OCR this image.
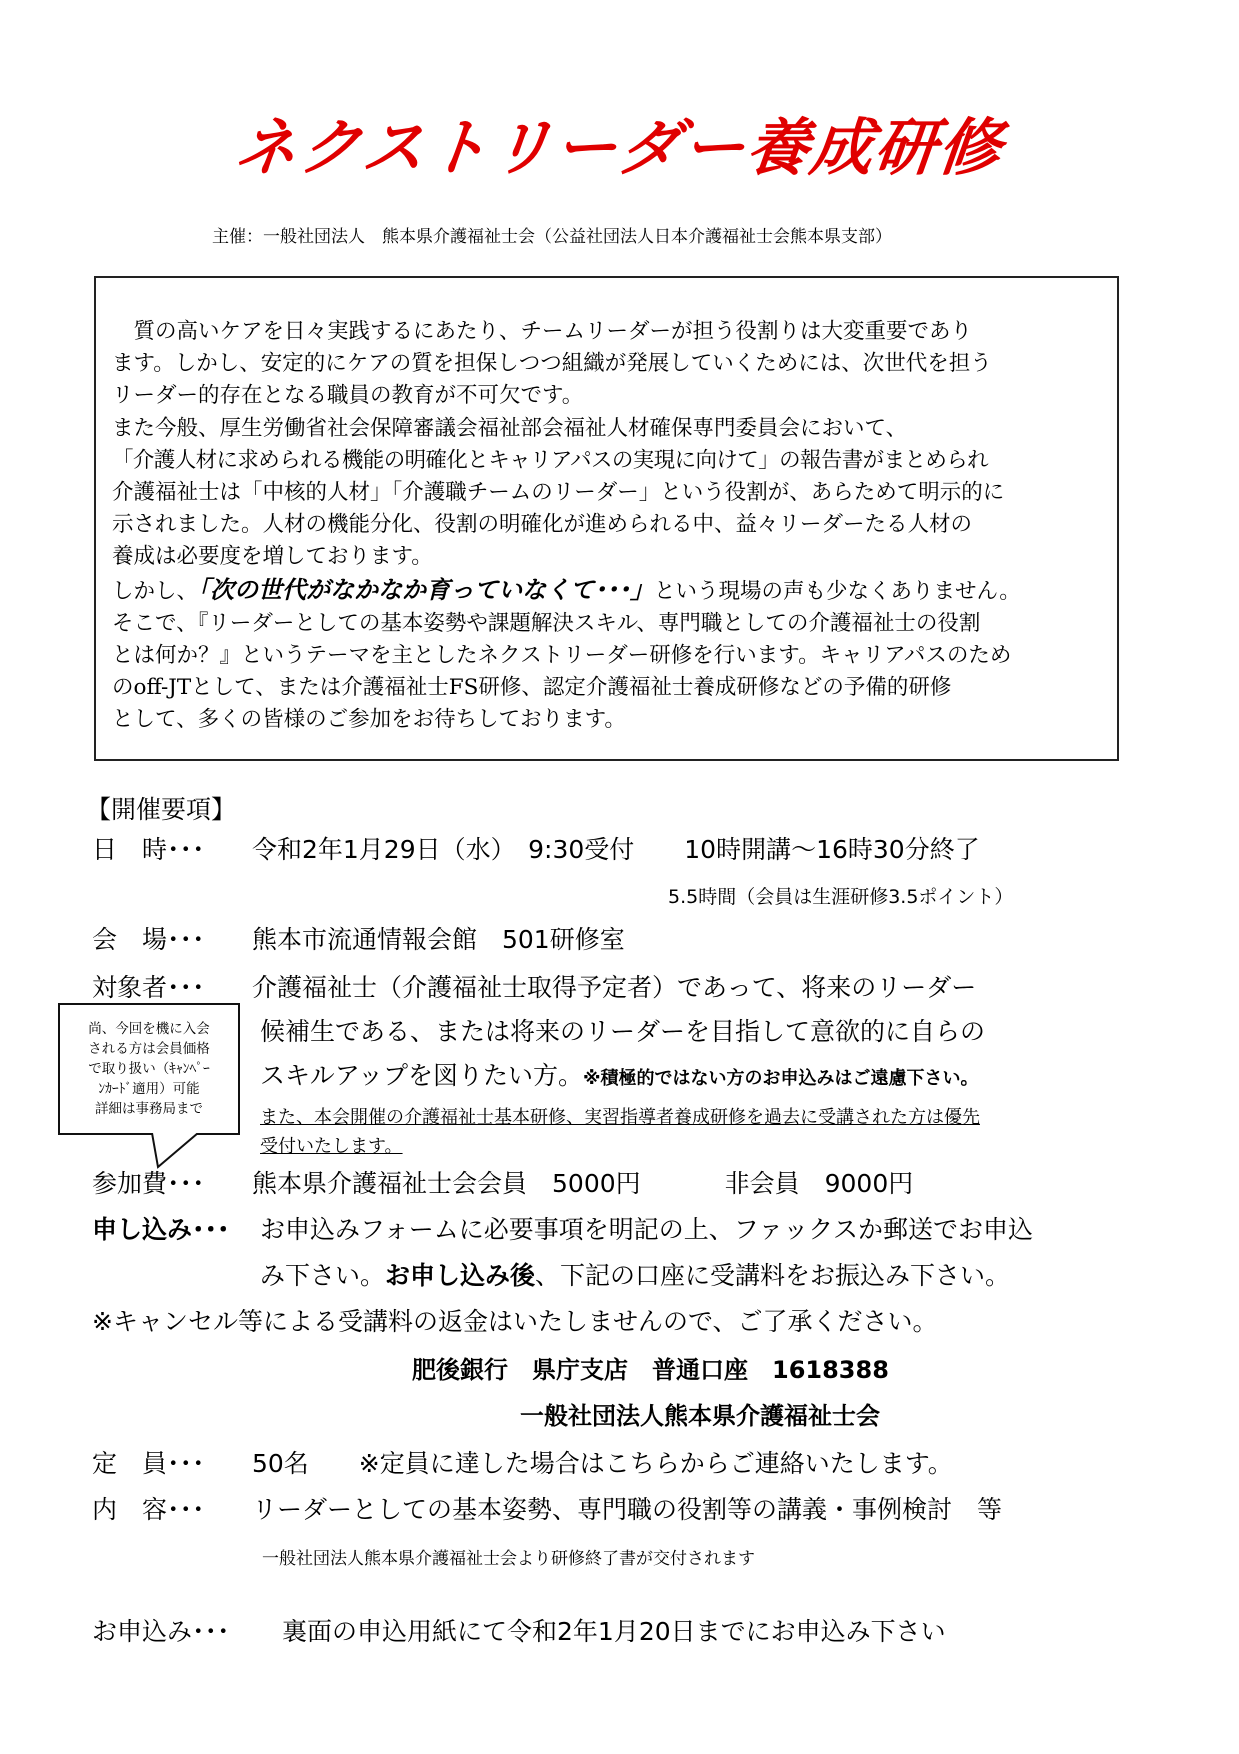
ネクストリーダー養成研修
主催：一般社団法人　熊本県介護福祉士会（公益社団法人日本介護福祉士会熊本県支部）

　質の高いケアを日々実践するにあたり、チームリーダーが担う役割りは大変重要であり

ます。しかし、安定的にケアの質を担保しつつ組織が発展していくためには、次世代を担う

リーダー的存在となる職員の教育が不可欠です。

また今般、厚生労働省社会保障審議会福祉部会福祉人材確保専門委員会において、

「介護人材に求められる機能の明確化とキャリアパスの実現に向けて」の報告書がまとめられ

介護福祉士は「中核的人材」「介護職チームのリーダー」という役割が、あらためて明示的に

示されました。人材の機能分化、役割の明確化が進められる中、益々リーダーたる人材の

養成は必要度を増しております。

しかし、「次の世代がなかなか育っていなくて･･･」という現場の声も少なくありません。

そこで、『リーダーとしての基本姿勢や課題解決スキル、専門職としての介護福祉士の役割

とは何か？』というテーマを主としたネクストリーダー研修を行います。キャリアパスのため

のoff-JTとして、または介護福祉士FS研修、認定介護福祉士養成研修などの予備的研修

として、多くの皆様のご参加をお待ちしております。

【開催要項】
日　時･･･ 令和2年1月29日（水）　9:30受付　　10時開講～16時30分終了
5.5時間（会員は生涯研修3.5ポイント）
会　場･･･ 熊本市流通情報会館　501研修室
対象者･･･ 介護福祉士（介護福祉士取得予定者）であって、将来のリーダー
候補生である、または将来のリーダーを目指して意欲的に自らの
スキルアップを図りたい方。※積極的ではない方のお申込みはご遠慮下さい。
また、本会開催の介護福祉士基本研修、実習指導者養成研修を過去に受講された方は優先
受付いたします。

尚、今回を機に入会

される方は会員価格

で取り扱い（ｷｬﾝﾍﾟｰ

ﾝｶｰﾄﾞ適用）可能

詳細は事務局まで

参加費･･･ 熊本県介護福祉士会会員　5000円	非会員　9000円
申し込み･･･ お申込みフォームに必要事項を明記の上、ファックスか郵送でお申込
み下さい。お申し込み後、下記の口座に受講料をお振込み下さい。
※キャンセル等による受講料の返金はいたしませんので、ご了承ください。
肥後銀行　県庁支店　普通口座　1618388
一般社団法人熊本県介護福祉士会
定　員･･･ 50名　　※定員に達した場合はこちらからご連絡いたします。
内　容･･･ リーダーとしての基本姿勢、専門職の役割等の講義・事例検討　等
一般社団法人熊本県介護福祉士会より研修終了書が交付されます
お申込み･･･ 裏面の申込用紙にて令和2年1月20日までにお申込み下さい
